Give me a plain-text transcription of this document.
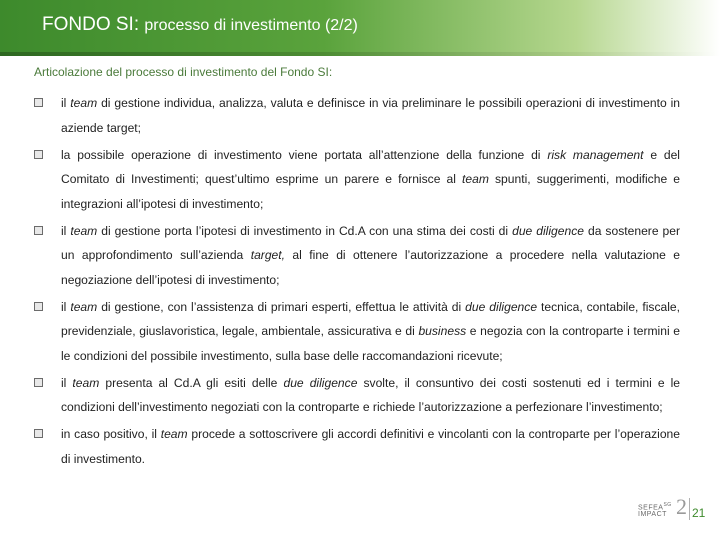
FONDO SI: processo di investimento (2/2)
Articolazione del processo di investimento del Fondo SI:
il team di gestione individua, analizza, valuta e definisce in via preliminare le possibili operazioni di investimento in aziende target;
la possibile operazione di investimento viene portata all’attenzione della funzione di risk management e del Comitato di Investimenti; quest’ultimo esprime un parere e fornisce al team spunti, suggerimenti, modifiche e integrazioni all’ipotesi di investimento;
il team di gestione porta l’ipotesi di investimento in Cd.A con una stima dei costi di due diligence da sostenere per un approfondimento sull’azienda target, al fine di ottenere l’autorizzazione a procedere nella valutazione e negoziazione dell’ipotesi di investimento;
il team di gestione, con l’assistenza di primari esperti, effettua le attività di due diligence tecnica, contabile, fiscale, previdenziale, giuslavoristica, legale, ambientale, assicurativa e di business e negozia con la controparte i termini e le condizioni del possibile investimento, sulla base delle raccomandazioni ricevute;
il team presenta al Cd.A gli esiti delle due diligence svolte, il consuntivo dei costi sostenuti ed i termini e le condizioni dell’investimento negoziati con la controparte e richiede l’autorizzazione a perfezionare l’investimento;
in caso positivo, il team procede a sottoscrivere gli accordi definitivi e vincolanti con la controparte per l’operazione di investimento.
$SEFEA^{SG}$
IMPACT 2 21
